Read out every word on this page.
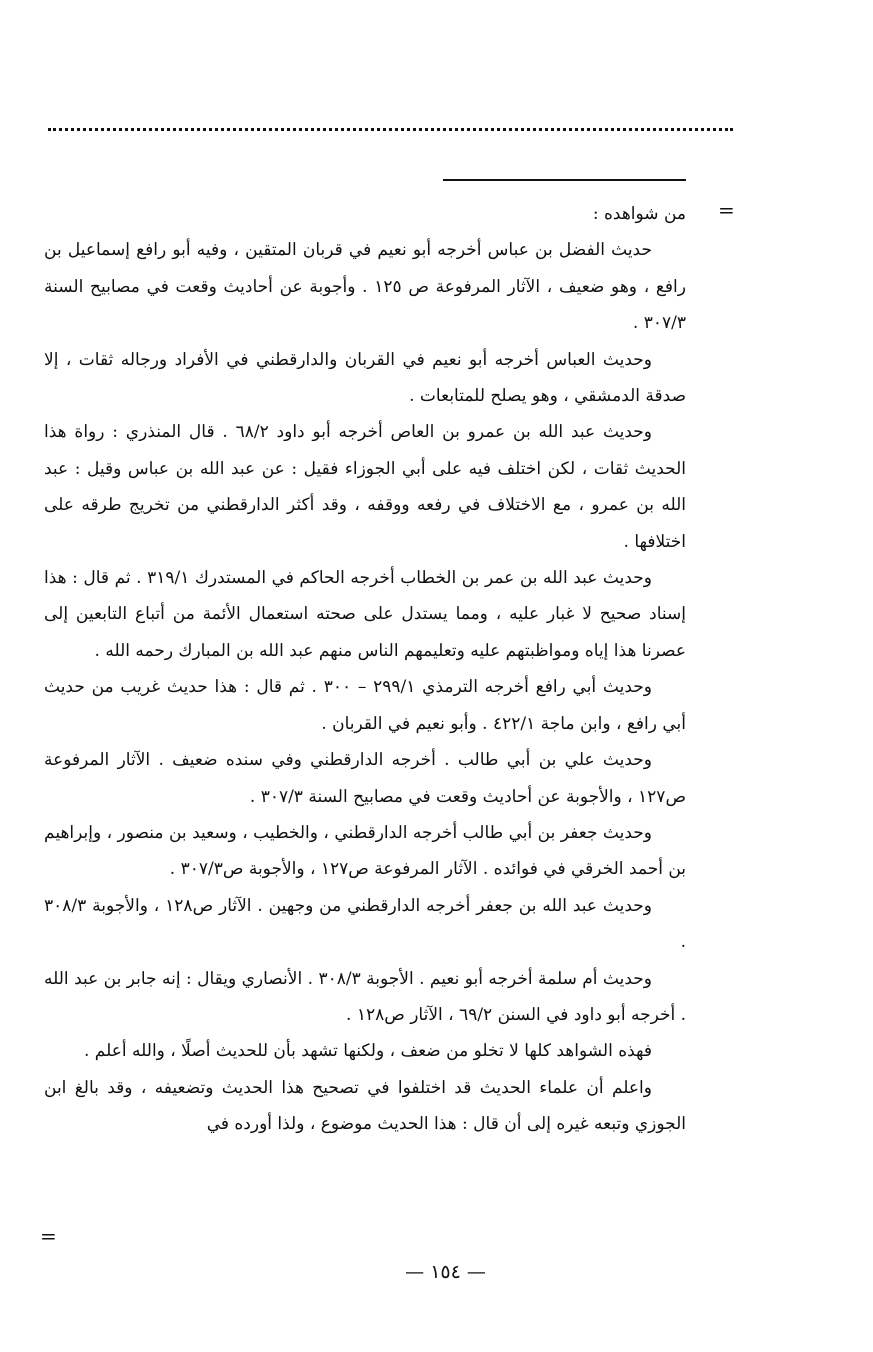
=

من شواهده :

حديث الفضل بن عباس أخرجه أبو نعيم في قربان المتقين ، وفيه أبو رافع إسماعيل بن رافع ، وهو ضعيف ، الآثار المرفوعة ص ١٢٥ . وأجوبة عن أحاديث وقعت في مصابيح السنة ٣٠٧/٣ .

وحديث العباس أخرجه أبو نعيم في القربان والدارقطني في الأفراد ورجاله ثقات ، إلا صدقة الدمشقي ، وهو يصلح للمتابعات .

وحديث عبد الله بن عمرو بن العاص أخرجه أبو داود ٦٨/٢ . قال المنذري : رواة هذا الحديث ثقات ، لكن اختلف فيه على أبي الجوزاء فقيل : عن عبد الله بن عباس وقيل : عبد الله بن عمرو ، مع الاختلاف في رفعه ووقفه ، وقد أكثر الدارقطني من تخريج طرقه على اختلافها .

وحديث عبد الله بن عمر بن الخطاب أخرجه الحاكم في المستدرك ٣١٩/١ . ثم قال : هذا إسناد صحيح لا غبار عليه ، ومما يستدل على صحته استعمال الأئمة من أتباع التابعين إلى عصرنا هذا إياه ومواظبتهم عليه وتعليمهم الناس منهم عبد الله بن المبارك رحمه الله .

وحديث أبي رافع أخرجه الترمذي ٢٩٩/١ – ٣٠٠ . ثم قال : هذا حديث غريب من حديث أبي رافع ، وابن ماجة ٤٢٢/١ . وأبو نعيم في القربان .

وحديث علي بن أبي طالب . أخرجه الدارقطني وفي سنده ضعيف . الآثار المرفوعة ص١٢٧ ، والأجوبة عن أحاديث وقعت في مصابيح السنة ٣٠٧/٣ .

وحديث جعفر بن أبي طالب أخرجه الدارقطني ، والخطيب ، وسعيد بن منصور ، وإبراهيم بن أحمد الخرقي في فوائده . الآثار المرفوعة ص١٢٧ ، والأجوبة ص٣٠٧/٣ .

وحديث عبد الله بن جعفر أخرجه الدارقطني من وجهين . الآثار ص١٢٨ ، والأجوبة ٣٠٨/٣ .

وحديث أم سلمة أخرجه أبو نعيم . الأجوبة ٣٠٨/٣ . الأنصاري ويقال : إنه جابر بن عبد الله . أخرجه أبو داود في السنن ٦٩/٢ ، الآثار ص١٢٨ .

فهذه الشواهد كلها لا تخلو من ضعف ، ولكنها تشهد بأن للحديث أصلًا ، والله أعلم .

واعلم أن علماء الحديث قد اختلفوا في تصحيح هذا الحديث وتضعيفه ، وقد بالغ ابن الجوزي وتبعه غيره إلى أن قال : هذا الحديث موضوع ، ولذا أورده في

=
— ١٥٤ —
